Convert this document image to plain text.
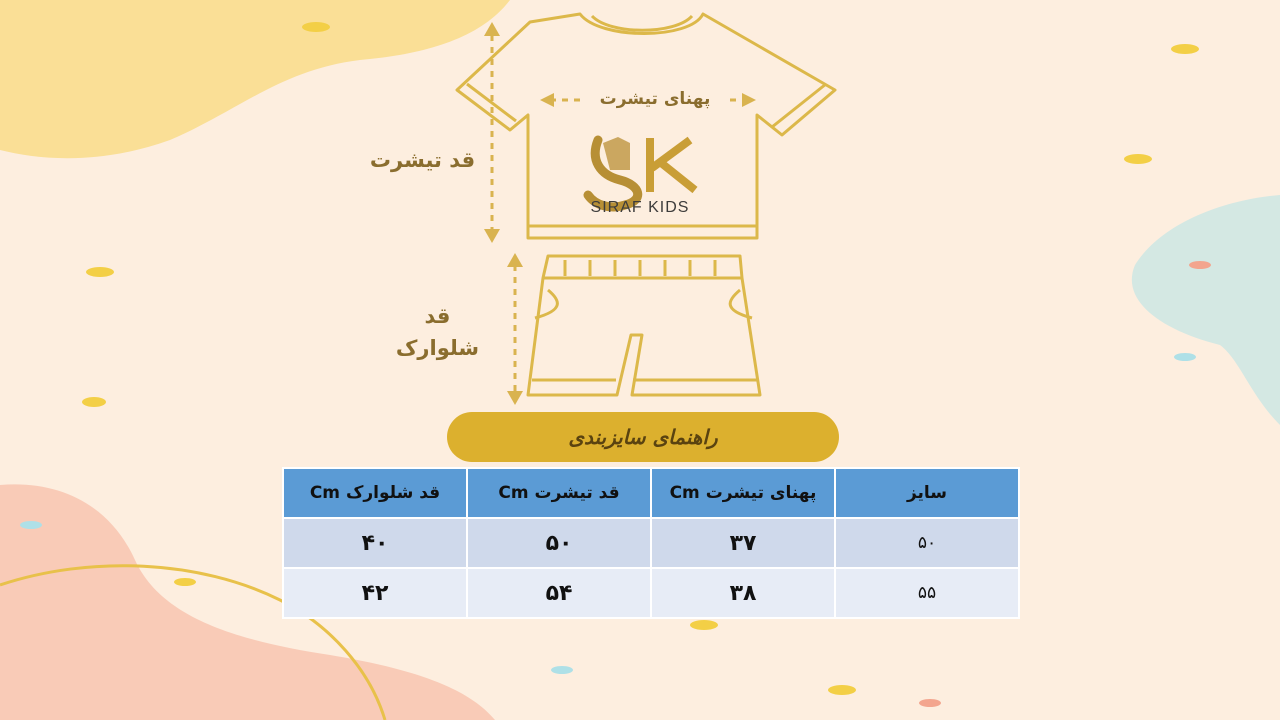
SIRAF KIDS
قد تیشرت
پهنای تیشرت
قد
شلوارک
راهنمای سایزبندی
سایز	پهنای تیشرت Cm	قد تیشرت Cm	قد شلوارک Cm
۵۰	۳۷	۵۰	۴۰
۵۵	۳۸	۵۴	۴۲
